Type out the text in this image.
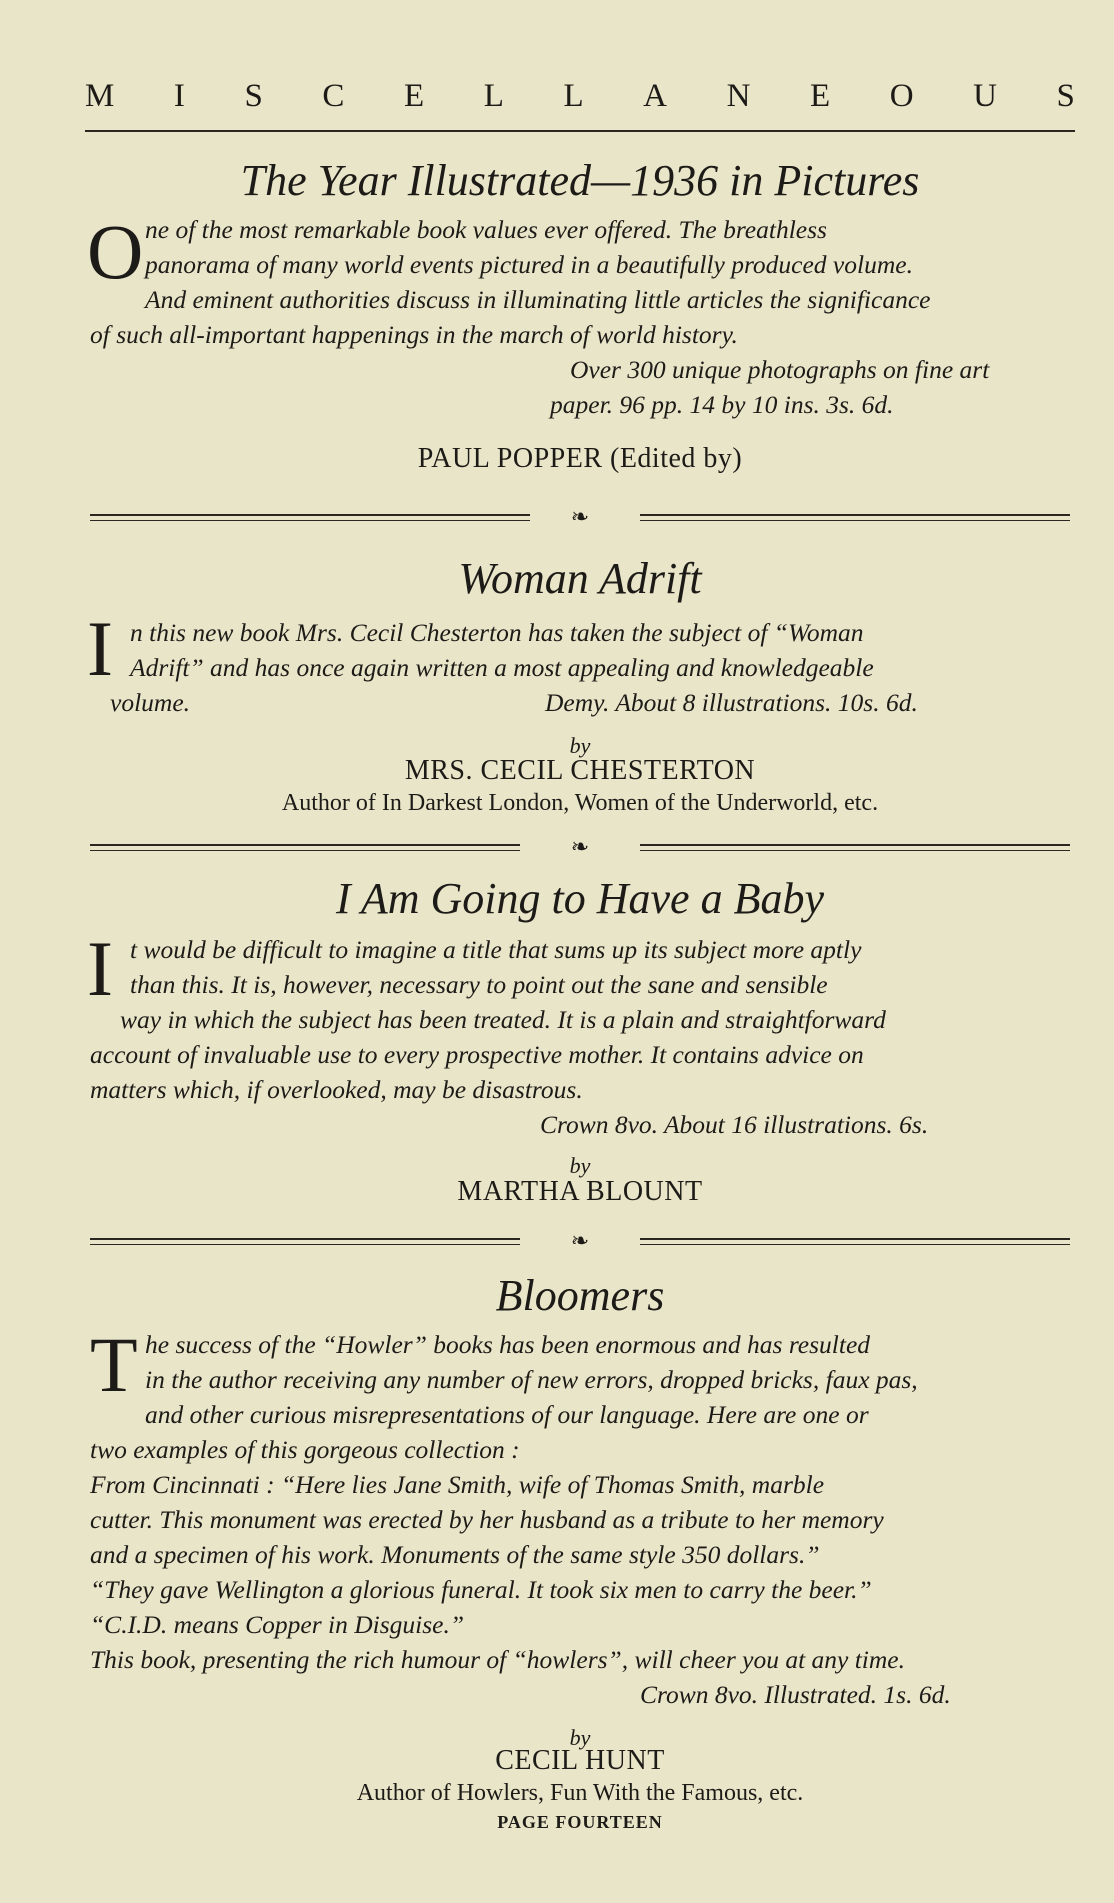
M I S C E L L A N E O U S
The Year Illustrated—1936 in Pictures
O ne of the most remarkable book values ever offered. The breathless
panorama of many world events pictured in a beautifully produced volume.
And eminent authorities discuss in illuminating little articles the significance
of such all-important happenings in the march of world history.
Over 300 unique photographs on fine art
paper. 96 pp. 14 by 10 ins. 3s. 6d.
PAUL POPPER (Edited by)
❧
Woman Adrift
I n this new book Mrs. Cecil Chesterton has taken the subject of “Woman
Adrift” and has once again written a most appealing and knowledgeable
volume.	Demy. About 8 illustrations. 10s. 6d.
by
MRS. CECIL CHESTERTON
Author of In Darkest London, Women of the Underworld, etc.
❧
I Am Going to Have a Baby
I t would be difficult to imagine a title that sums up its subject more aptly
than this. It is, however, necessary to point out the sane and sensible
way in which the subject has been treated. It is a plain and straightforward
account of invaluable use to every prospective mother. It contains advice on
matters which, if overlooked, may be disastrous.
Crown 8vo. About 16 illustrations. 6s.
by
MARTHA BLOUNT
❧
Bloomers
T he success of the “Howler” books has been enormous and has resulted
in the author receiving any number of new errors, dropped bricks, faux pas,
and other curious misrepresentations of our language. Here are one or
two examples of this gorgeous collection :
From Cincinnati : “Here lies Jane Smith, wife of Thomas Smith, marble
cutter. This monument was erected by her husband as a tribute to her memory
and a specimen of his work. Monuments of the same style 350 dollars.”
“They gave Wellington a glorious funeral. It took six men to carry the beer.”
“C.I.D. means Copper in Disguise.”
This book, presenting the rich humour of “howlers”, will cheer you at any time.
Crown 8vo. Illustrated. 1s. 6d.
by
CECIL HUNT
Author of Howlers, Fun With the Famous, etc.
PAGE FOURTEEN
